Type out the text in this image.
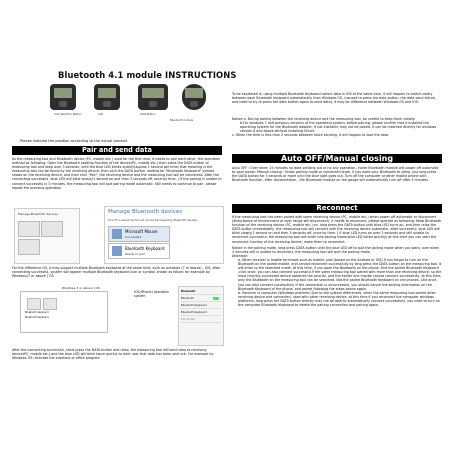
Bluetooth 4.1 module INSTRUCTIONS
Unit Selection Button	LCD	Data Button
Bluetooth module
Please indicate the position according to the actual product
Pair and send data
As the measuring tool and Bluetooth device (PC, mobile etc.) used for the first time, it needs to pair each other, the operation method as following. Open the Bluetooth seeking function of the device(PC, mobile etc.) then press the DATA button of measuring tool and keep over 3 seconds, until the blue LED blinks quickly(approx 1 second per time) that meaning is the measuring tool can be found by the receiving device, then click the DATA button, waiting for "Bluetooth Keyboard" symbol shows on the receiving device, and then click "Pair", the receiving device and the measuring tool will be connected. After the connecting successful, blue LED will blink slowly(1 second on and then 3 seconds off, once by time. ) If the pairing is unable to connect successful in 5 minutes, the measuring tool will quit pairing mode automatic. Still needs to continue to pair, please repeat the previous operation.
Manage Bluetooth devices	Manage Bluetooth devices
Your PC is searching for and can be discovered by Bluetooth devices.
Microsoft Mouse
Connected
Bluetooth Keyboard
Ready to pair
For the difference OS, it may support multiple Bluetooth keyboard at the same time, such as windows (7 or above) , IOS, after connecting successful, system will appear multiple Bluetooth keyboard icon or symbol, shown as follow: for example by Windows(7 or above ) OS
Windows 7 or above ) OS
Bluetooth Keyboard
Bluetooth Keyboard
IOS(iPhone) operation system
Bluetooth
Bluetooth
Bluetooth Keyboard
Bluetooth Keyboard
Connected
After the connecting successful, short press the DATA button and relax, the measuring tool will send data to receiving device(PC, mobile etc.) and the blue LED will blink twice quickly to alert user that data has been sent out. For example by Windows OS: Activate the interface of office program
To be explained is, using multiple Bluetooth Keyboard collect data in IOS at the same time, it will happen to switch slowly between each Bluetooth keyboard automatically than Windows OS, (caused to press the data button, the data send failure, and need to try to press the data button again to send data), it may be difference between Windows OS and IOS.

Notice a. During pairing between the receiving device and the measuring tool, be careful to keep them closely.

b.For windows 7 and previous versions of the operating system, before pairing, please confirm that it installed the operating system for the Bluetooth adapter, if not installed, may not be paired. It can be matched directly for windows version 8 and above without installing Driver.

c. When the time is less than 2 seconds between twice sending, it will happen to lose the data.

Auto OFF/Manual closing
Auto OFF : Over when 15 minutes no data sending out or no any operation, inside Bluetooth module will power off automatic to save power. Manual closing : Under pairing mode or connected state, if you want your Bluetooth to sleep, just long press the DATA button for 3 seconds or more until the blue light goes out. Turn off the computer or other mobile phone with Bluetooth function, after disconnection , the Bluetooth module on the gauge will automatically turn off after 3 minutes.
Reconnect

If the measuring tool has been paired with some receiving device (PC, mobile etc.) when power off automatic or disconnect (disturbance of environment or over range will disconnect), it needs to reconnect, please operate as following: Keep Bluetooth function of the receiving device (PC, mobile etc.) on, long press the DATA button until blue LED turns on, and then relax the DATA button immediately, the measuring tool will connect with the receiving device automatic, after successful, blue LED will blink slowly(1 second on and then 3 seconds off, once by time. ) If blue LED turns on over 3 seconds and still unable to reconnect successful, the measuring tool will enter into pairing mode(blue LED blinks quickly) at this time you can start the reconnect function of the receiving device, make them to reconnect.

Notice in the pairing mode, long press DATA button until the blue LED off to quit the pairing mode when you want, over when 2 minutes still is unable to reconnect, the measuring tool will quit the pairing mode.

Attention:

a. When receiver is mobile terminals such as mobile ,pad (based on the Android or IOS) If you forgot to turn on the Bluetooth on the paired mobile, and cannot reconnect successfully by long press the DATA button on the measuring tool, it will enter to the searched mode. At this time, if you open the Bluetooth on the phone, find the paired Bluetooth Keyboard ,click once, you can also connect successful.If the same measuring tool paired with more than one receiving device, so the most recently connected device obtained the priority, and the earlier one maybe cannot connect successfully, at this time, only the Bluetooth on the measuring tool can be searched. Not the paired Bluetooth Keyboard on cell phones. Like once, you can also connect successfully. If the connection is unsuccessful, you should cancel the pairing information on the Bluetooth Keyboard of the phone, and paired following the steps above again.

b. Receiver is computer (Windows platform) Due to the system differences, when the same measuring tool paired other receiving device and connected, used with other receiving device, at this time if you reconnect the computer windows platforms, long press the DATA button directly may not be able to automatically connect successfully, you need to turn on the computer Bluetooth Keyboard to delete the pairing connection and pairing again.
